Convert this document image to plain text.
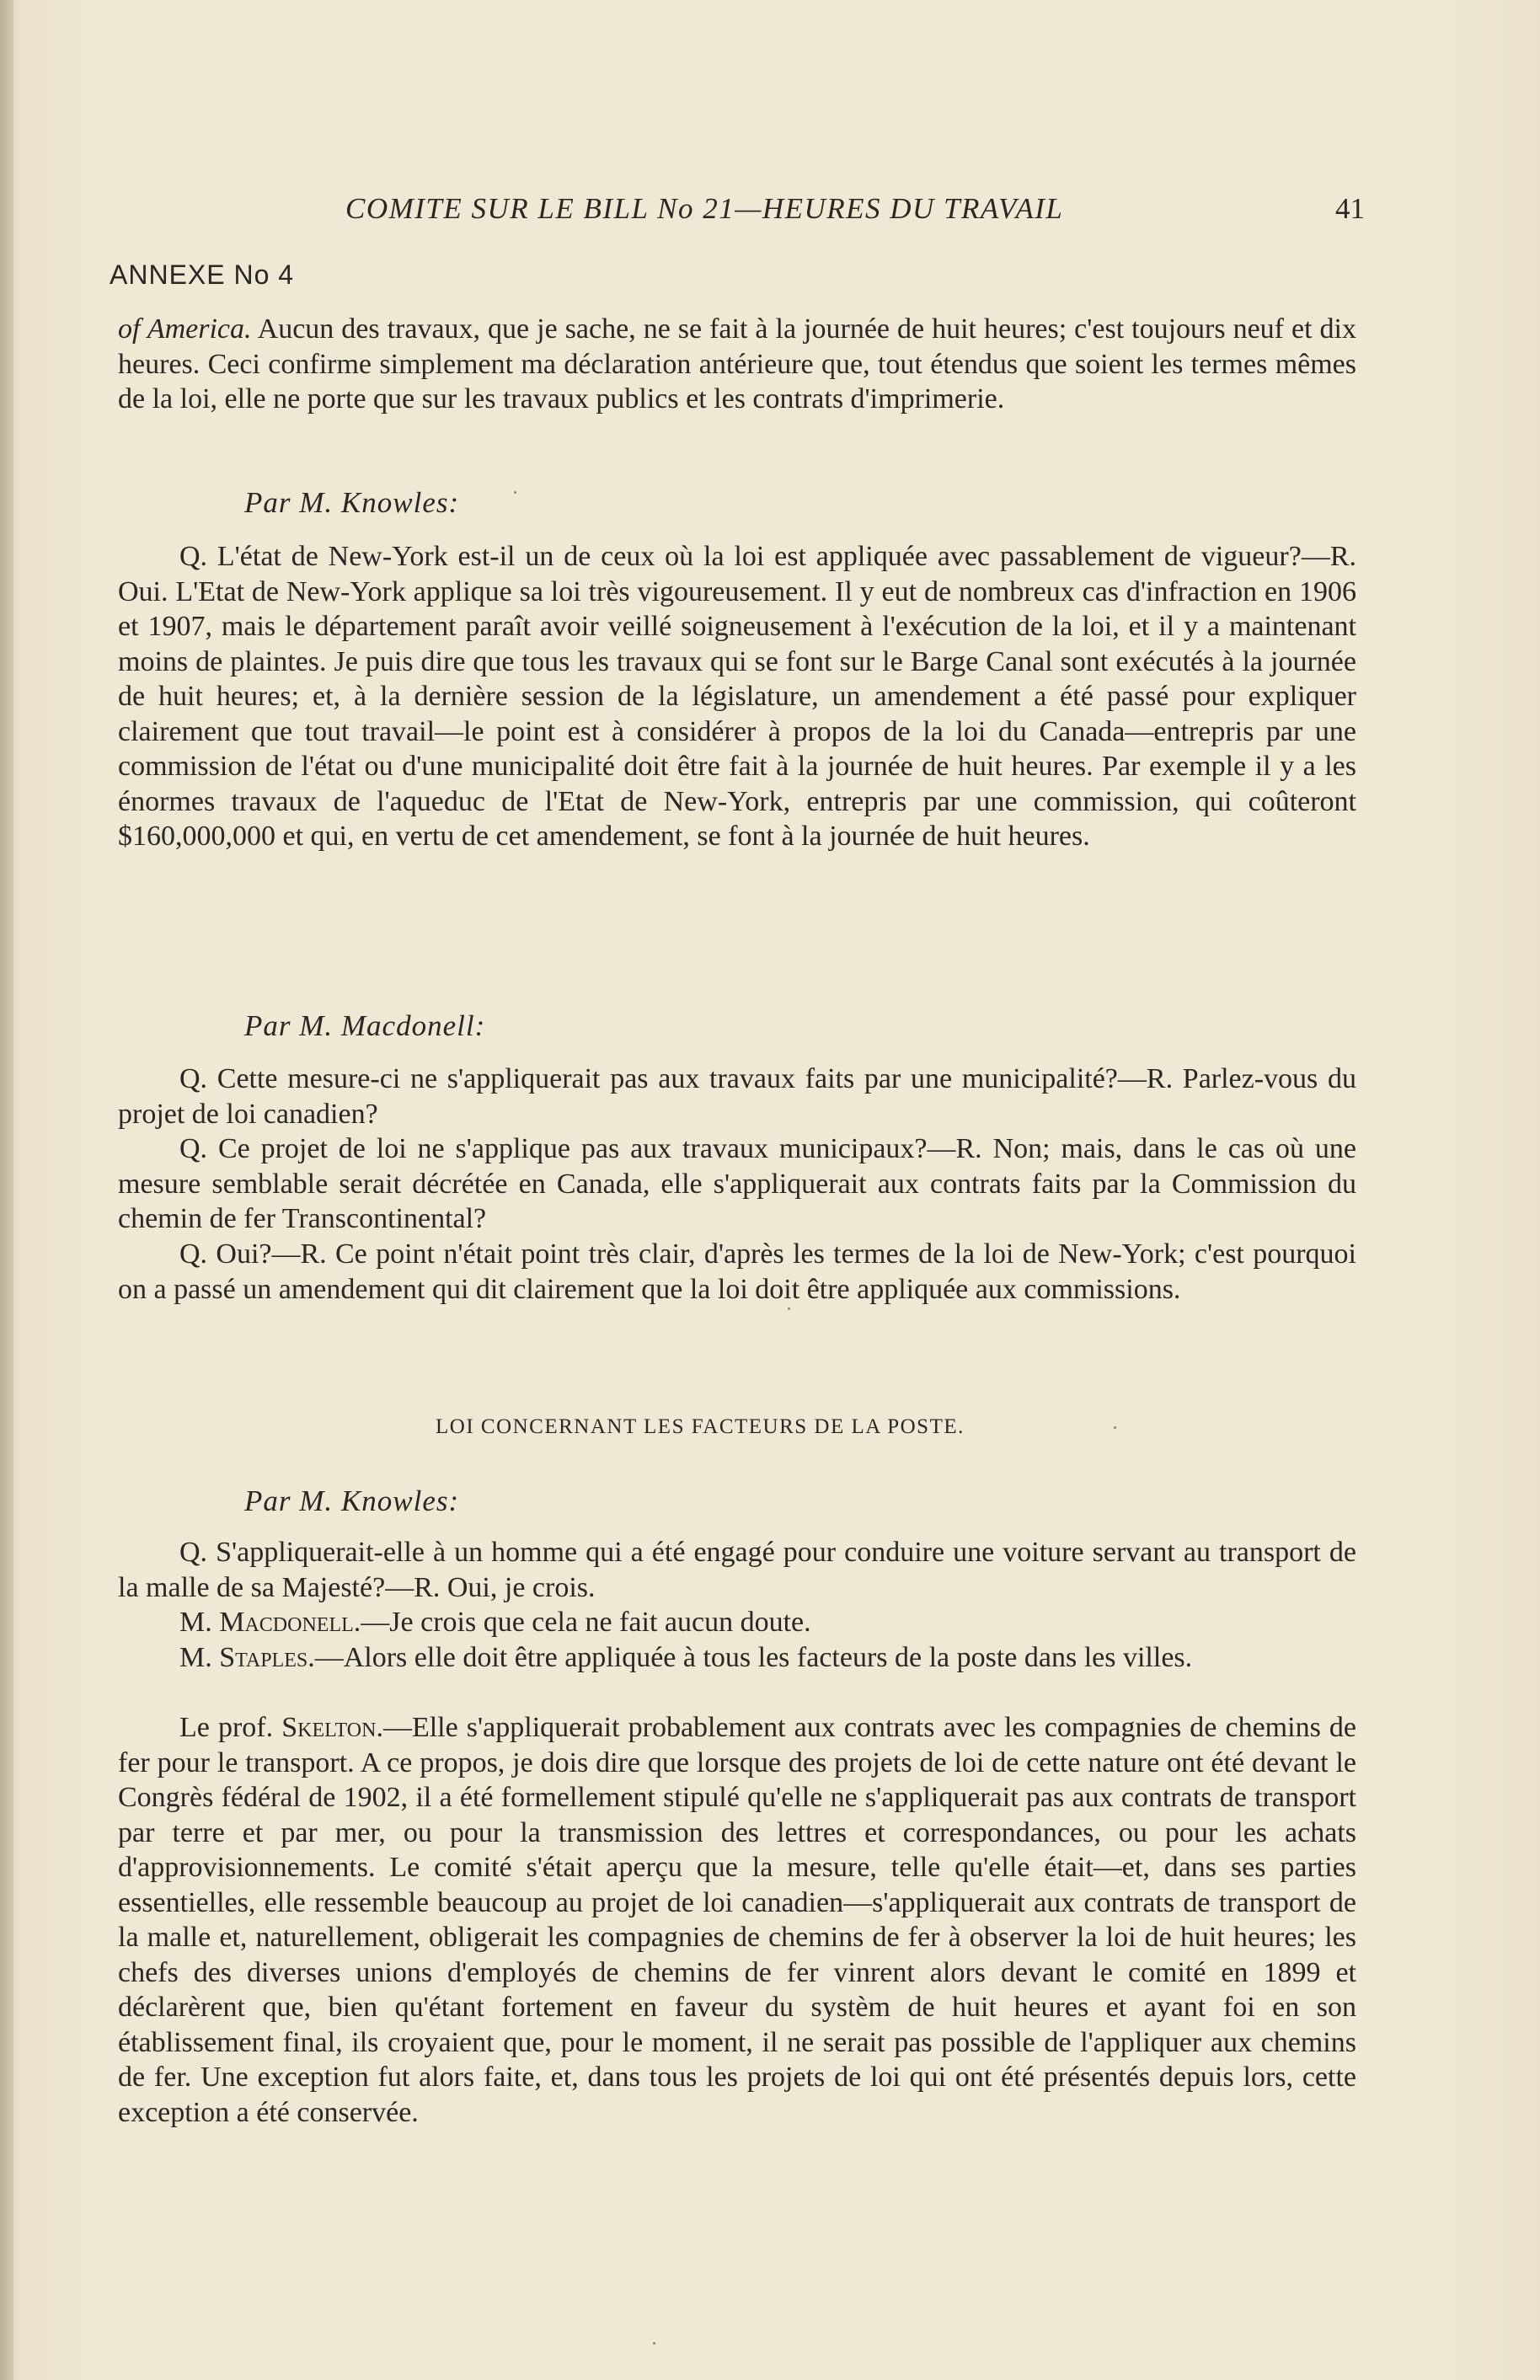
COMITE SUR LE BILL No 21—HEURES DU TRAVAIL	41
ANNEXE No 4
of America. Aucun des travaux, que je sache, ne se fait à la journée de huit heures; c'est toujours neuf et dix heures. Ceci confirme simplement ma déclaration antérieure que, tout étendus que soient les termes mêmes de la loi, elle ne porte que sur les travaux publics et les contrats d'imprimerie.
Par M. Knowles:
Q. L'état de New-York est-il un de ceux où la loi est appliquée avec passablement de vigueur?—R. Oui. L'Etat de New-York applique sa loi très vigoureusement. Il y eut de nombreux cas d'infraction en 1906 et 1907, mais le département paraît avoir veillé soigneusement à l'exécution de la loi, et il y a maintenant moins de plaintes. Je puis dire que tous les travaux qui se font sur le Barge Canal sont exécutés à la journée de huit heures; et, à la dernière session de la législature, un amendement a été passé pour expliquer clairement que tout travail—le point est à considérer à propos de la loi du Canada—entrepris par une commission de l'état ou d'une municipalité doit être fait à la journée de huit heures. Par exemple il y a les énormes travaux de l'aqueduc de l'Etat de New-York, entrepris par une commission, qui coûteront $160,000,000 et qui, en vertu de cet amendement, se font à la journée de huit heures.
Par M. Macdonell:
Q. Cette mesure-ci ne s'appliquerait pas aux travaux faits par une municipalité?—R. Parlez-vous du projet de loi canadien?
Q. Ce projet de loi ne s'applique pas aux travaux municipaux?—R. Non; mais, dans le cas où une mesure semblable serait décrétée en Canada, elle s'appliquerait aux contrats faits par la Commission du chemin de fer Transcontinental?
Q. Oui?—R. Ce point n'était point très clair, d'après les termes de la loi de New-York; c'est pourquoi on a passé un amendement qui dit clairement que la loi doit être appliquée aux commissions.
LOI CONCERNANT LES FACTEURS DE LA POSTE.
Par M. Knowles:
Q. S'appliquerait-elle à un homme qui a été engagé pour conduire une voiture servant au transport de la malle de sa Majesté?—R. Oui, je crois.
M. Macdonell.—Je crois que cela ne fait aucun doute.
M. Staples.—Alors elle doit être appliquée à tous les facteurs de la poste dans les villes.
Le prof. Skelton.—Elle s'appliquerait probablement aux contrats avec les compagnies de chemins de fer pour le transport. A ce propos, je dois dire que lorsque des projets de loi de cette nature ont été devant le Congrès fédéral de 1902, il a été formellement stipulé qu'elle ne s'appliquerait pas aux contrats de transport par terre et par mer, ou pour la transmission des lettres et correspondances, ou pour les achats d'approvisionnements. Le comité s'était aperçu que la mesure, telle qu'elle était—et, dans ses parties essentielles, elle ressemble beaucoup au projet de loi canadien—s'appliquerait aux contrats de transport de la malle et, naturellement, obligerait les compagnies de chemins de fer à observer la loi de huit heures; les chefs des diverses unions d'employés de chemins de fer vinrent alors devant le comité en 1899 et déclarèrent que, bien qu'étant fortement en faveur du systèm de huit heures et ayant foi en son établissement final, ils croyaient que, pour le moment, il ne serait pas possible de l'appliquer aux chemins de fer. Une exception fut alors faite, et, dans tous les projets de loi qui ont été présentés depuis lors, cette exception a été conservée.
